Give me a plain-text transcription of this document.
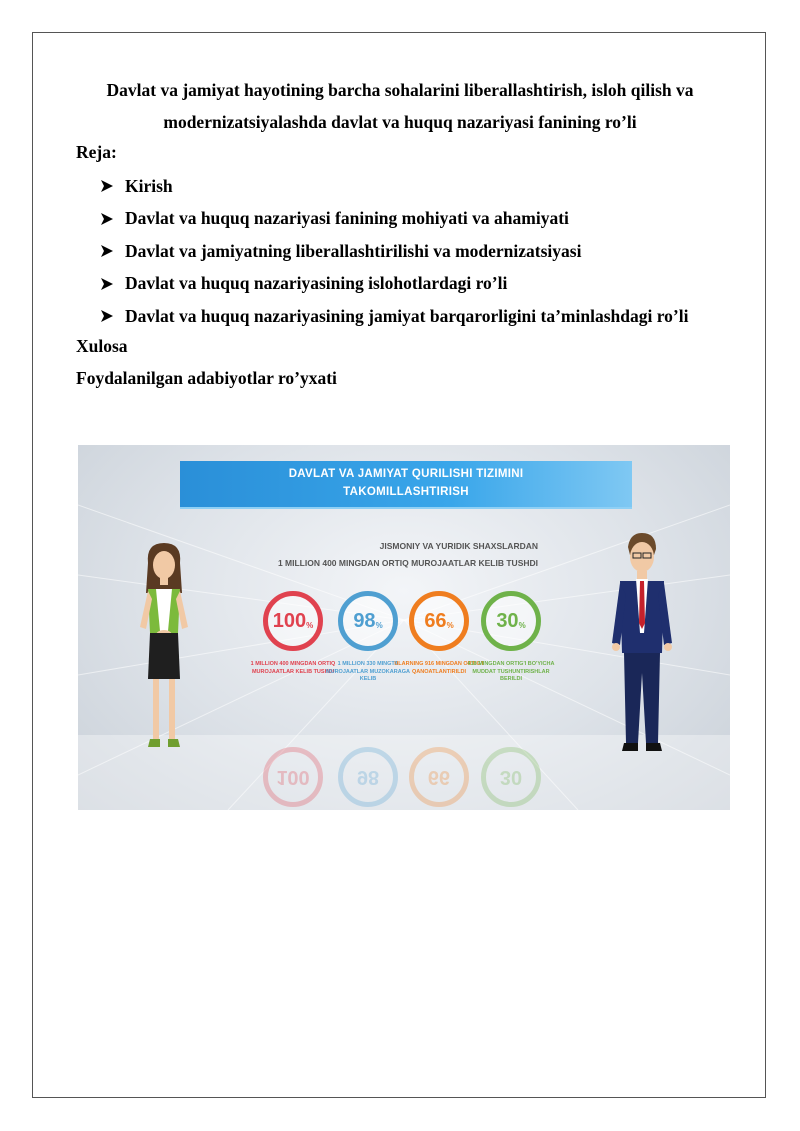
Davlat va jamiyat hayotining barcha sohalarini liberallashtirish, isloh qilish va
modernizatsiyalashda davlat va huquq nazariyasi fanining ro’li
Reja:
Kirish
Davlat va huquq nazariyasi fanining mohiyati va ahamiyati
Davlat va jamiyatning liberallashtirilishi va modernizatsiyasi
Davlat va huquq nazariyasining islohotlardagi ro’li
Davlat va huquq nazariyasining jamiyat barqarorligini ta’minlashdagi ro’li
Xulosa
Foydalanilgan adabiyotlar ro’yxati
DAVLAT VA JAMIYAT QURILISHI TIZIMINI
TAKOMILLASHTIRISH
JISMONIY VA YURIDIK SHAXSLARDAN
1 MILLION 400 MINGDAN ORTIQ MUROJAATLAR KELIB TUSHDI
100 % 98 % 66 % 30 %
1 MILLION 400 MINGDAN ORTIQ MUROJAATLAR KELIB TUSHDI
1 MILLION 330 MINGTA MUROJAATLAR MUZOKARAGA KELIB
ULARNING 916 MINGDAN ORTIG'I QANOATLANTIRILDI
418 MINGDAN ORTIG'I BO'YICHA MUDDAT TUSHUNTIRISHLAR BERILDI
100 98 66 30
